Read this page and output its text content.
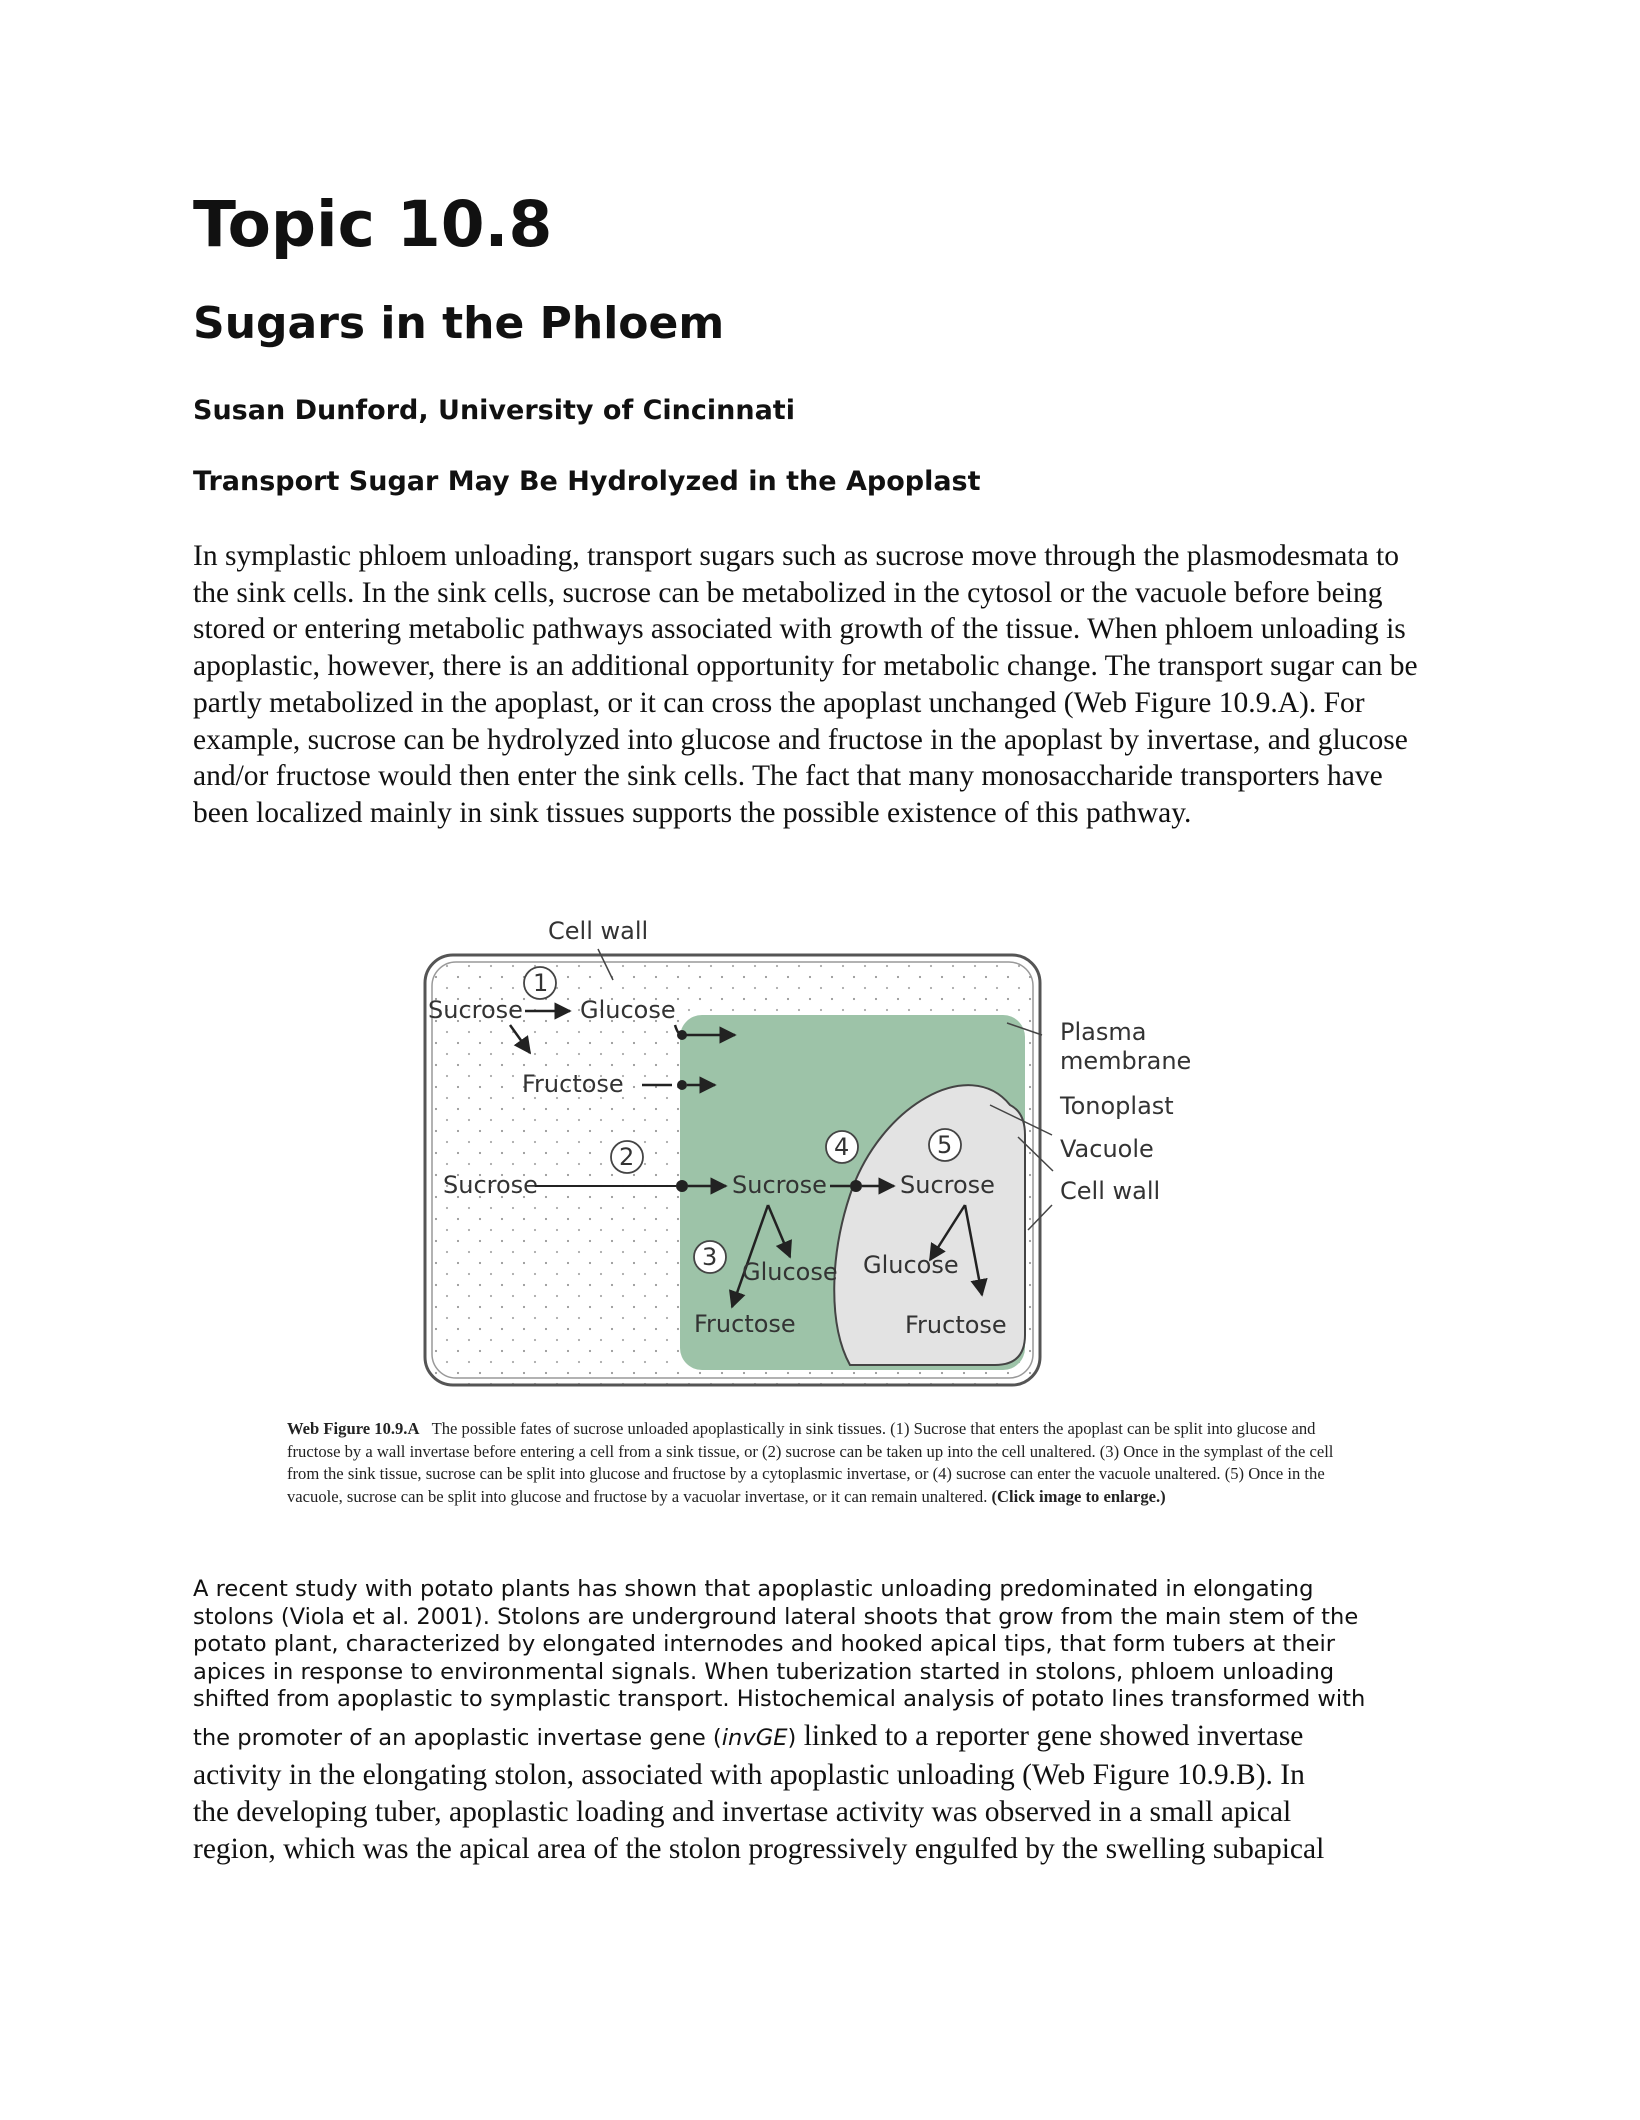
Topic 10.8
Sugars in the Phloem
Susan Dunford, University of Cincinnati
Transport Sugar May Be Hydrolyzed in the Apoplast

In symplastic phloem unloading, transport sugars such as sucrose move through the plasmodesmata to the sink cells. In the sink cells, sucrose can be metabolized in the cytosol or the vacuole before being stored or entering metabolic pathways associated with growth of the tissue. When phloem unloading is apoplastic, however, there is an additional opportunity for metabolic change. The transport sugar can be partly metabolized in the apoplast, or it can cross the apoplast unchanged (Web Figure 10.9.A). For example, sucrose can be hydrolyzed into glucose and fructose in the apoplast by invertase, and glucose and/or fructose would then enter the sink cells. The fact that many monosaccharide transporters have been localized mainly in sink tissues supports the possible existence of this pathway.

Cell wall
1
Sucrose Glucose
Fructose
2
Sucrose	Sucrose
4
Sucrose
5
Glucose
Fructose
3
Glucose
Fructose
Plasma
membrane
Tonoplast
Vacuole
Cell wall

Web Figure 10.9.A The possible fates of sucrose unloaded apoplastically in sink tissues. (1) Sucrose that enters the apoplast can be split into glucose and fructose by a wall invertase before entering a cell from a sink tissue, or (2) sucrose can be taken up into the cell unaltered. (3) Once in the symplast of the cell from the sink tissue, sucrose can be split into glucose and fructose by a cytoplasmic invertase, or (4) sucrose can enter the vacuole unaltered. (5) Once in the vacuole, sucrose can be split into glucose and fructose by a vacuolar invertase, or it can remain unaltered. (Click image to enlarge.)

A recent study with potato plants has shown that apoplastic unloading predominated in elongating
stolons (Viola et al. 2001). Stolons are underground lateral shoots that grow from the main stem of the
potato plant, characterized by elongated internodes and hooked apical tips, that form tubers at their
apices in response to environmental signals. When tuberization started in stolons, phloem unloading
shifted from apoplastic to symplastic transport. Histochemical analysis of potato lines transformed with
the promoter of an apoplastic invertase gene (invGE) linked to a reporter gene showed invertase
activity in the elongating stolon, associated with apoplastic unloading (Web Figure 10.9.B). In
the developing tuber, apoplastic loading and invertase activity was observed in a small apical
region, which was the apical area of the stolon progressively engulfed by the swelling subapical
